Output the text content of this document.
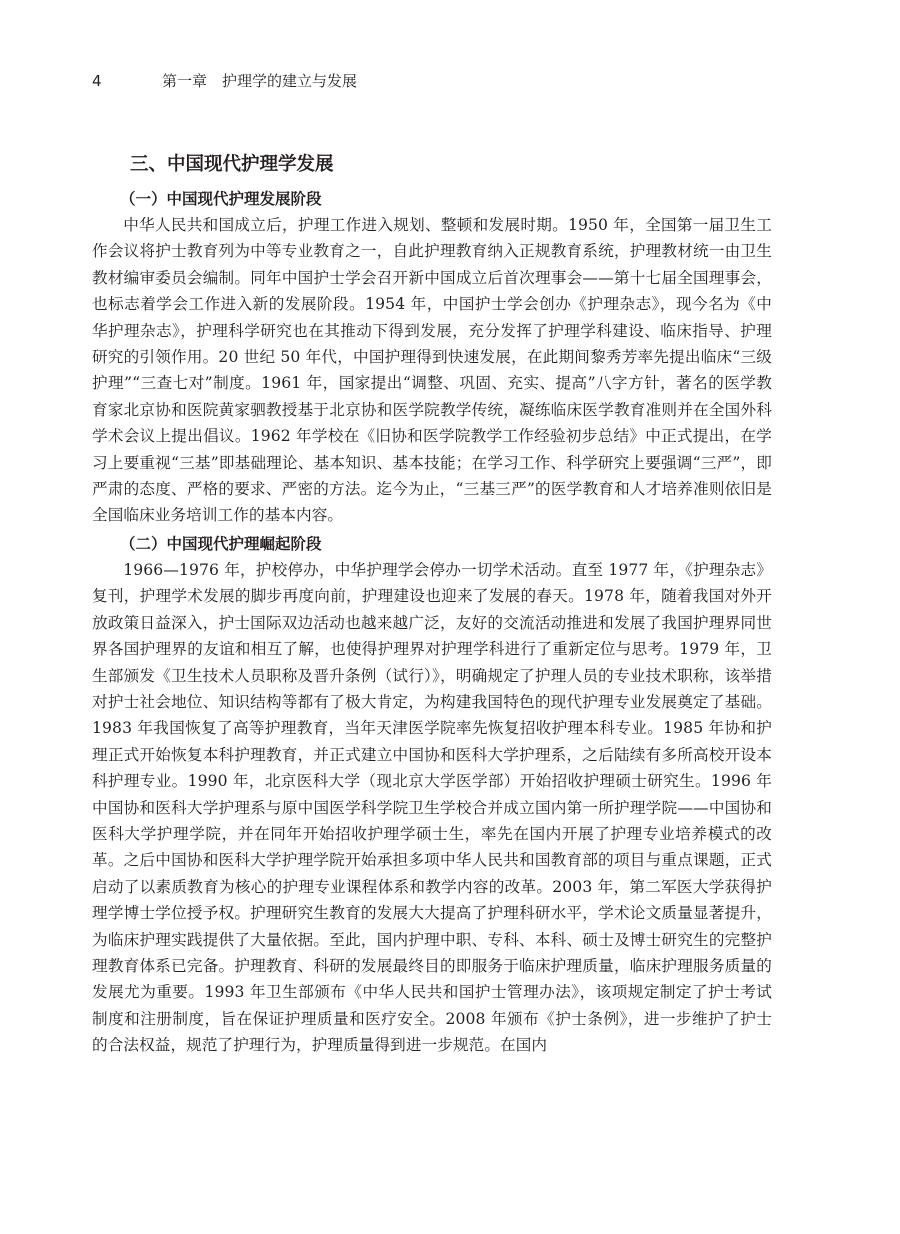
4	第一章　护理学的建立与发展
三、中国现代护理学发展
（一）中国现代护理发展阶段

中华人民共和国成立后，护理工作进入规划、整顿和发展时期。1950 年，全国第一届卫生工作会议将护士教育列为中等专业教育之一，自此护理教育纳入正规教育系统，护理教材统一由卫生教材编审委员会编制。同年中国护士学会召开新中国成立后首次理事会——第十七届全国理事会，也标志着学会工作进入新的发展阶段。1954 年，中国护士学会创办《护理杂志》，现今名为《中华护理杂志》，护理科学研究也在其推动下得到发展，充分发挥了护理学科建设、临床指导、护理研究的引领作用。20 世纪 50 年代，中国护理得到快速发展，在此期间黎秀芳率先提出临床“三级护理”“三查七对”制度。1961 年，国家提出“调整、巩固、充实、提高”八字方针，著名的医学教育家北京协和医院黄家驷教授基于北京协和医学院教学传统，凝练临床医学教育准则并在全国外科学术会议上提出倡议。1962 年学校在《旧协和医学院教学工作经验初步总结》中正式提出，在学习上要重视“三基”即基础理论、基本知识、基本技能；在学习工作、科学研究上要强调“三严”，即严肃的态度、严格的要求、严密的方法。迄今为止，“三基三严”的医学教育和人才培养准则依旧是全国临床业务培训工作的基本内容。

（二）中国现代护理崛起阶段

1966—1976 年，护校停办，中华护理学会停办一切学术活动。直至 1977 年，《护理杂志》复刊，护理学术发展的脚步再度向前，护理建设也迎来了发展的春天。1978 年，随着我国对外开放政策日益深入，护士国际双边活动也越来越广泛，友好的交流活动推进和发展了我国护理界同世界各国护理界的友谊和相互了解，也使得护理界对护理学科进行了重新定位与思考。1979 年，卫生部颁发《卫生技术人员职称及晋升条例（试行）》，明确规定了护理人员的专业技术职称，该举措对护士社会地位、知识结构等都有了极大肯定，为构建我国特色的现代护理专业发展奠定了基础。1983 年我国恢复了高等护理教育，当年天津医学院率先恢复招收护理本科专业。1985 年协和护理正式开始恢复本科护理教育，并正式建立中国协和医科大学护理系，之后陆续有多所高校开设本科护理专业。1990 年，北京医科大学（现北京大学医学部）开始招收护理硕士研究生。1996 年中国协和医科大学护理系与原中国医学科学院卫生学校合并成立国内第一所护理学院——中国协和医科大学护理学院，并在同年开始招收护理学硕士生，率先在国内开展了护理专业培养模式的改革。之后中国协和医科大学护理学院开始承担多项中华人民共和国教育部的项目与重点课题，正式启动了以素质教育为核心的护理专业课程体系和教学内容的改革。2003 年，第二军医大学获得护理学博士学位授予权。护理研究生教育的发展大大提高了护理科研水平，学术论文质量显著提升，为临床护理实践提供了大量依据。至此，国内护理中职、专科、本科、硕士及博士研究生的完整护理教育体系已完备。护理教育、科研的发展最终目的即服务于临床护理质量，临床护理服务质量的发展尤为重要。1993 年卫生部颁布《中华人民共和国护士管理办法》，该项规定制定了护士考试制度和注册制度，旨在保证护理质量和医疗安全。2008 年颁布《护士条例》，进一步维护了护士的合法权益，规范了护理行为，护理质量得到进一步规范。在国内
